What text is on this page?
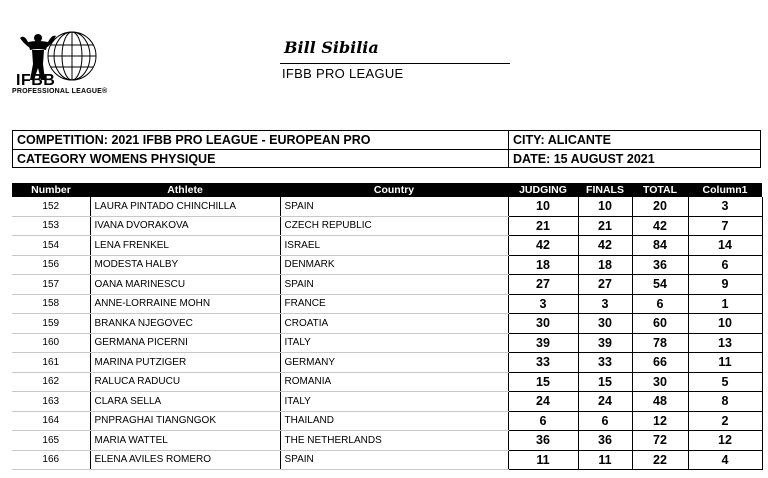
IFBB
PROFESSIONAL LEAGUE®
Bill Sibilia
IFBB PRO LEAGUE
COMPETITION: 2021 IFBB PRO LEAGUE - EUROPEAN PRO	CITY: ALICANTE
CATEGORY WOMENS PHYSIQUE	DATE: 15 AUGUST 2021
Number	Athlete	Country	JUDGING	FINALS	TOTAL	Column1
152	LAURA PINTADO CHINCHILLA	SPAIN	10	10	20	3
153	IVANA DVORAKOVA	CZECH REPUBLIC	21	21	42	7
154	LENA FRENKEL	ISRAEL	42	42	84	14
156	MODESTA HALBY	DENMARK	18	18	36	6
157	OANA MARINESCU	SPAIN	27	27	54	9
158	ANNE-LORRAINE MOHN	FRANCE	3	3	6	1
159	BRANKA NJEGOVEC	CROATIA	30	30	60	10
160	GERMANA PICERNI	ITALY	39	39	78	13
161	MARINA PUTZIGER	GERMANY	33	33	66	11
162	RALUCA RADUCU	ROMANIA	15	15	30	5
163	CLARA SELLA	ITALY	24	24	48	8
164	PNPRAGHAI TIANGNGOK	THAILAND	6	6	12	2
165	MARIA WATTEL	THE NETHERLANDS	36	36	72	12
166	ELENA AVILES ROMERO	SPAIN	11	11	22	4
